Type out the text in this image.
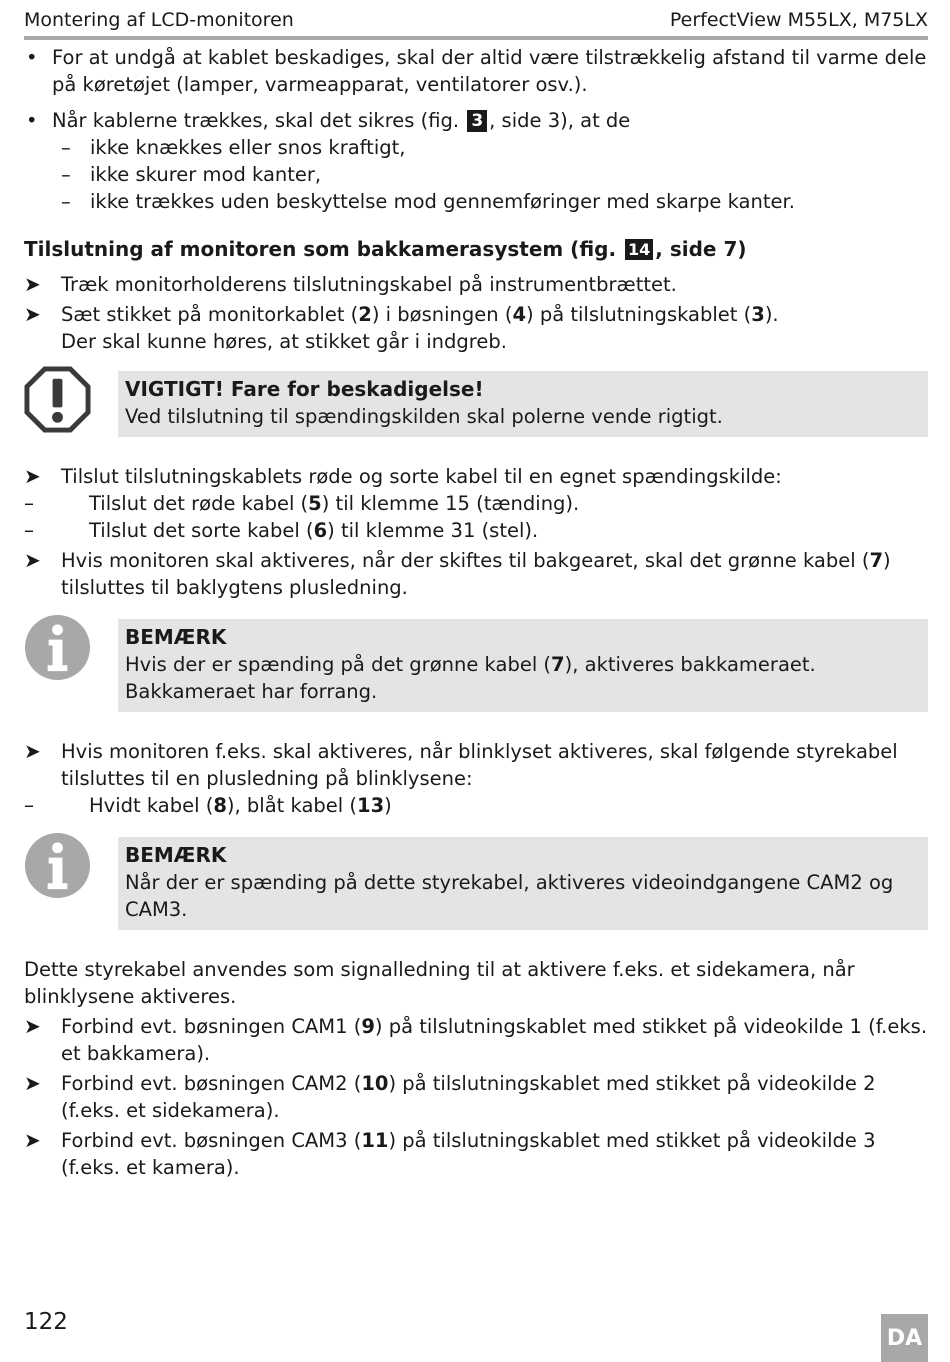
Montering af LCD-monitoren	PerfectView M55LX, M75LX
• For at undgå at kablet beskadiges, skal der altid være tilstrækkelig afstand til varme dele på køretøjet (lamper, varmeapparat, ventilatorer osv.).
• Når kablerne trækkes, skal det sikres (fig. 3 , side 3), at de
– ikke knækkes eller snos kraftigt,
– ikke skurer mod kanter,
– ikke trækkes uden beskyttelse mod gennemføringer med skarpe kanter.
Tilslutning af monitoren som bakkamerasystem (fig. 14 , side 7)
➤ Træk monitorholderens tilslutningskabel på instrumentbrættet.
➤ Sæt stikket på monitorkablet (2) i bøsningen (4) på tilslutningskablet (3).
Der skal kunne høres, at stikket går i indgreb.
VIGTIGT! Fare for beskadigelse!
Ved tilslutning til spændingskilden skal polerne vende rigtigt.
➤ Tilslut tilslutningskablets røde og sorte kabel til en egnet spændingskilde:
–	Tilslut det røde kabel (5) til klemme 15 (tænding).
–	Tilslut det sorte kabel (6) til klemme 31 (stel).
➤ Hvis monitoren skal aktiveres, når der skiftes til bakgearet, skal det grønne kabel (7) tilsluttes til baklygtens plusledning.
BEMÆRK
Hvis der er spænding på det grønne kabel (7), aktiveres bakkameraet. Bakkameraet har forrang.
➤ Hvis monitoren f.eks. skal aktiveres, når blinklyset aktiveres, skal følgende styrekabel tilsluttes til en plusledning på blinklysene:
–	Hvidt kabel (8), blåt kabel (13)
BEMÆRK
Når der er spænding på dette styrekabel, aktiveres videoindgangene CAM2 og CAM3.
Dette styrekabel anvendes som signalledning til at aktivere f.eks. et sidekamera, når blinklysene aktiveres.
➤ Forbind evt. bøsningen CAM1 (9) på tilslutningskablet med stikket på videokilde 1 (f.eks. et bakkamera).
➤ Forbind evt. bøsningen CAM2 (10) på tilslutningskablet med stikket på videokilde 2 (f.eks. et sidekamera).
➤ Forbind evt. bøsningen CAM3 (11) på tilslutningskablet med stikket på videokilde 3 (f.eks. et kamera).
122
DA
